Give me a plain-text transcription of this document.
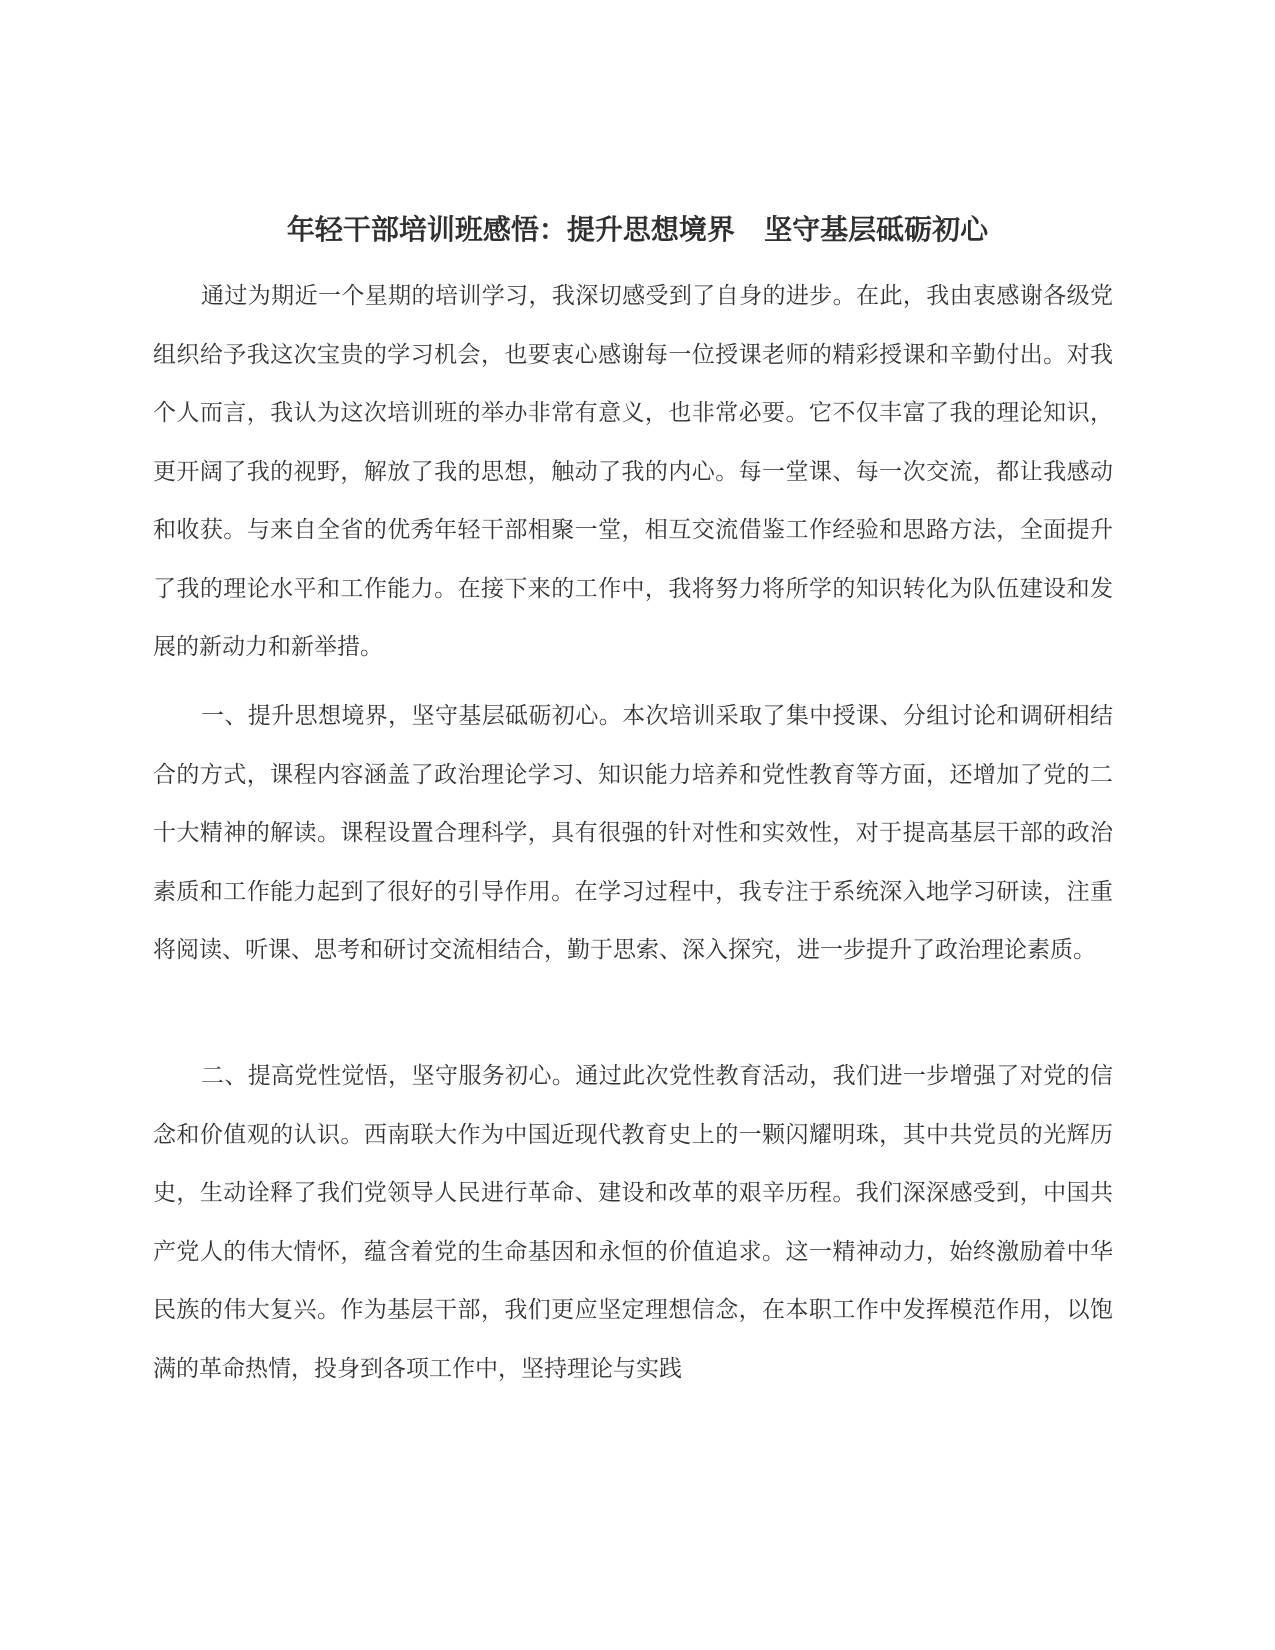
年轻干部培训班感悟：提升思想境界   坚守基层砥砺初心

通过为期近一个星期的培训学习，我深切感受到了自身的进步。在此，我由衷感谢各级党组织给予我这次宝贵的学习机会，也要衷心感谢每一位授课老师的精彩授课和辛勤付出。对我个人而言，我认为这次培训班的举办非常有意义，也非常必要。它不仅丰富了我的理论知识，更开阔了我的视野，解放了我的思想，触动了我的内心。每一堂课、每一次交流，都让我感动和收获。与来自全省的优秀年轻干部相聚一堂，相互交流借鉴工作经验和思路方法，全面提升了我的理论水平和工作能力。在接下来的工作中，我将努力将所学的知识转化为队伍建设和发展的新动力和新举措。

一、提升思想境界，坚守基层砥砺初心。本次培训采取了集中授课、分组讨论和调研相结合的方式，课程内容涵盖了政治理论学习、知识能力培养和党性教育等方面，还增加了党的二十大精神的解读。课程设置合理科学，具有很强的针对性和实效性，对于提高基层干部的政治素质和工作能力起到了很好的引导作用。在学习过程中，我专注于系统深入地学习研读，注重将阅读、听课、思考和研讨交流相结合，勤于思索、深入探究，进一步提升了政治理论素质。

二、提高党性觉悟，坚守服务初心。通过此次党性教育活动，我们进一步增强了对党的信念和价值观的认识。西南联大作为中国近现代教育史上的一颗闪耀明珠，其中共党员的光辉历史，生动诠释了我们党领导人民进行革命、建设和改革的艰辛历程。我们深深感受到，中国共产党人的伟大情怀，蕴含着党的生命基因和永恒的价值追求。这一精神动力，始终激励着中华民族的伟大复兴。作为基层干部，我们更应坚定理想信念，在本职工作中发挥模范作用，以饱满的革命热情，投身到各项工作中，坚持理论与实践
